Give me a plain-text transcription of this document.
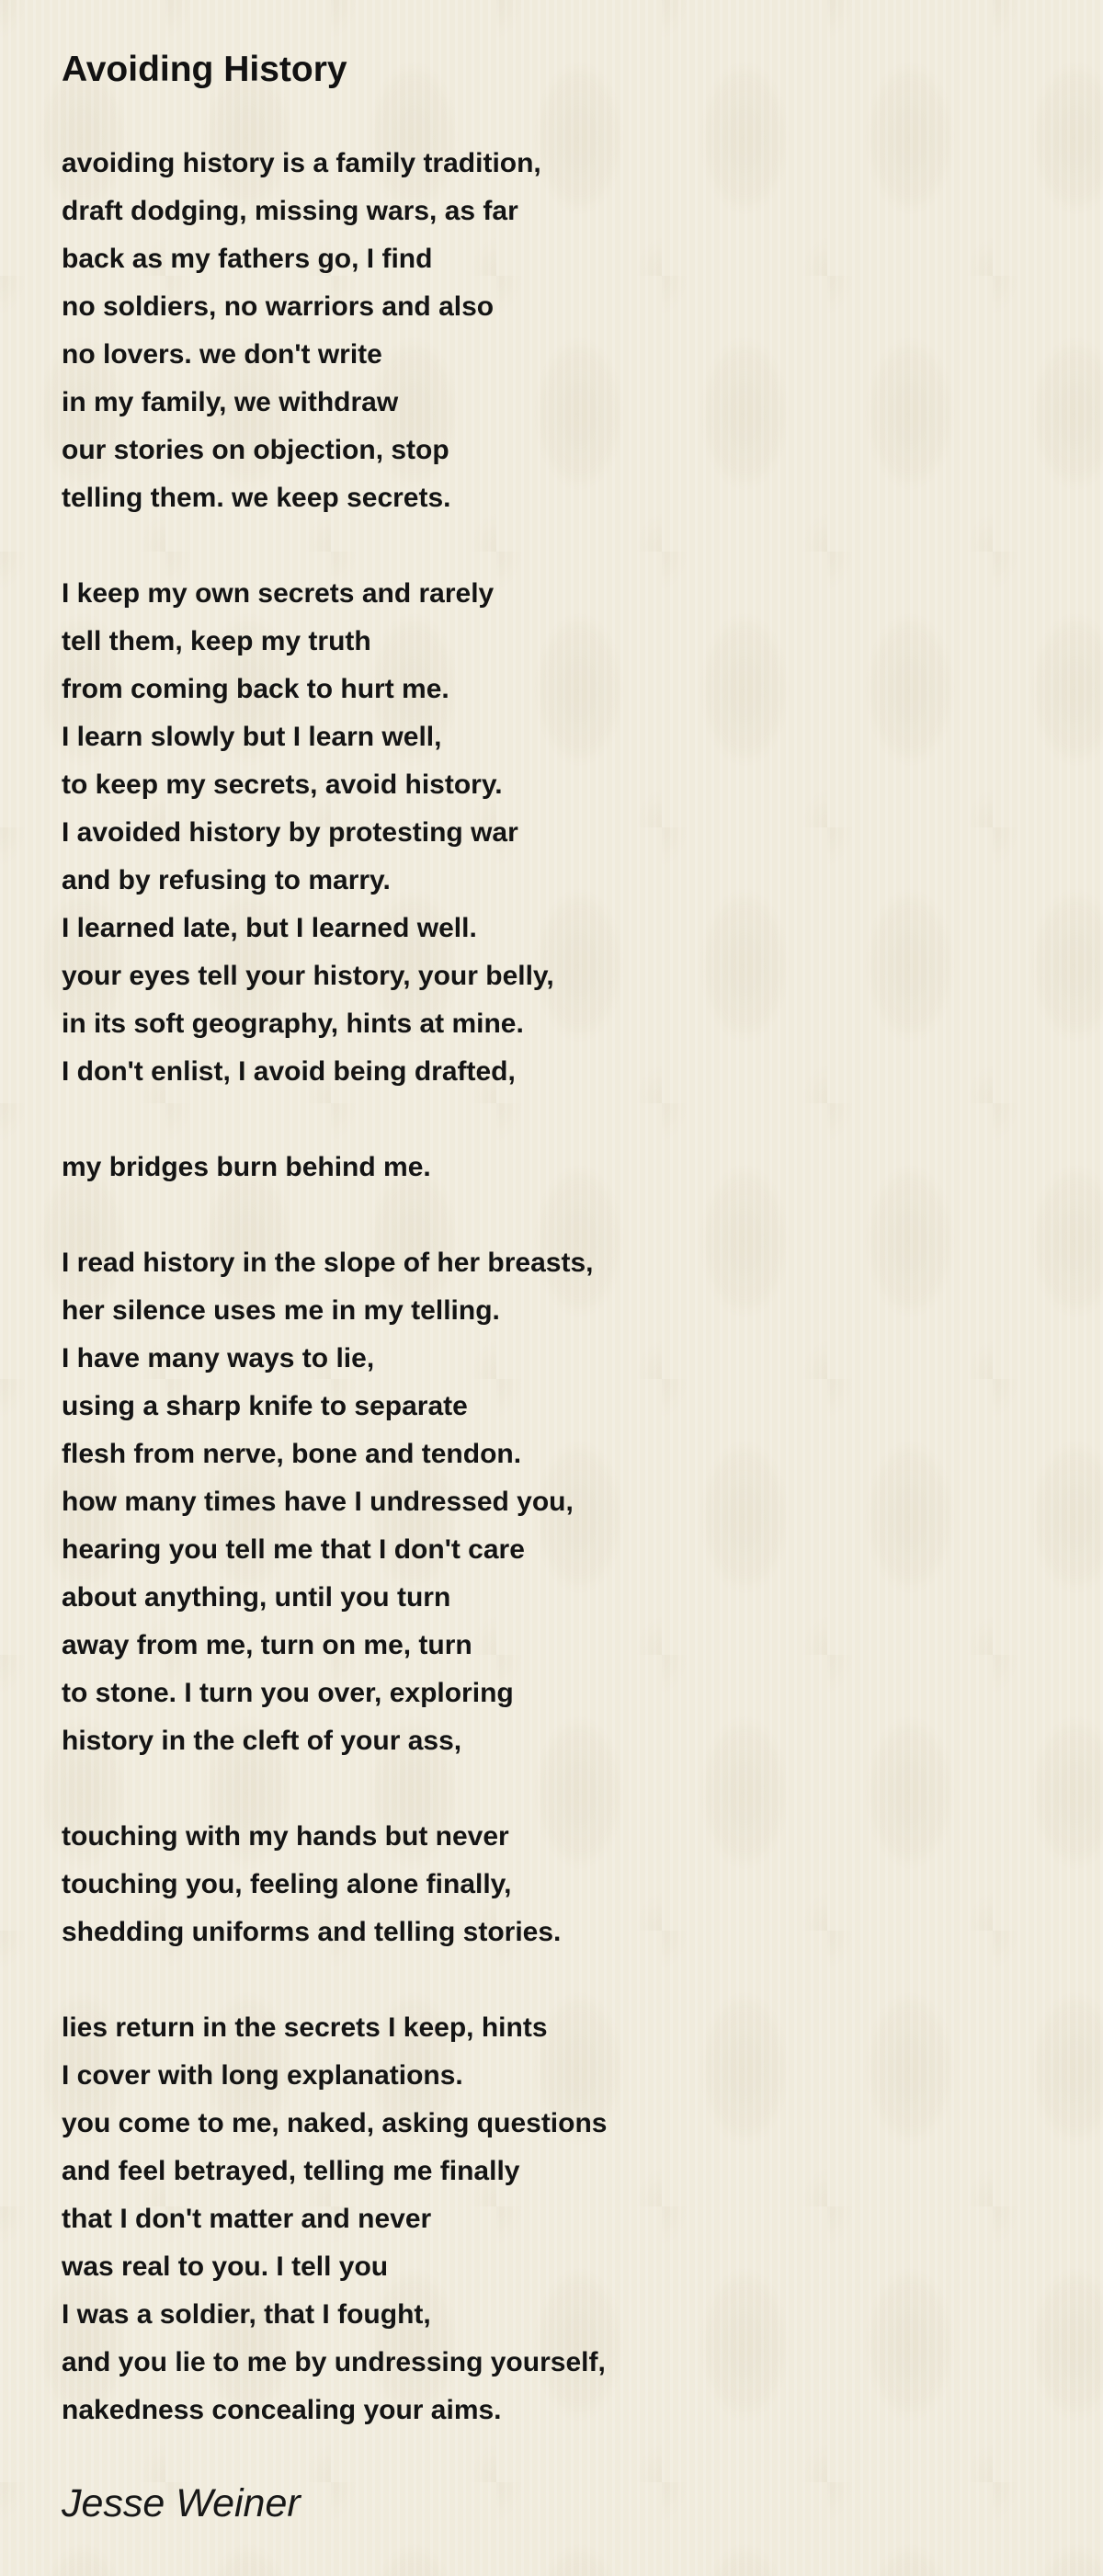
Avoiding History
avoiding history is a family tradition,
draft dodging, missing wars, as far
back as my fathers go, I find
no soldiers, no warriors and also
no lovers. we don't write
in my family, we withdraw
our stories on objection, stop
telling them. we keep secrets.
I keep my own secrets and rarely
tell them, keep my truth
from coming back to hurt me.
I learn slowly but I learn well,
to keep my secrets, avoid history.
I avoided history by protesting war
and by refusing to marry.
I learned late, but I learned well.
your eyes tell your history, your belly,
in its soft geography, hints at mine.
I don't enlist, I avoid being drafted,
my bridges burn behind me.
I read history in the slope of her breasts,
her silence uses me in my telling.
I have many ways to lie,
using a sharp knife to separate
flesh from nerve, bone and tendon.
how many times have I undressed you,
hearing you tell me that I don't care
about anything, until you turn
away from me, turn on me, turn
to stone. I turn you over, exploring
history in the cleft of your ass,
touching with my hands but never
touching you, feeling alone finally,
shedding uniforms and telling stories.
lies return in the secrets I keep, hints
I cover with long explanations.
you come to me, naked, asking questions
and feel betrayed, telling me finally
that I don't matter and never
was real to you. I tell you
I was a soldier, that I fought,
and you lie to me by undressing yourself,
nakedness concealing your aims.
Jesse Weiner
